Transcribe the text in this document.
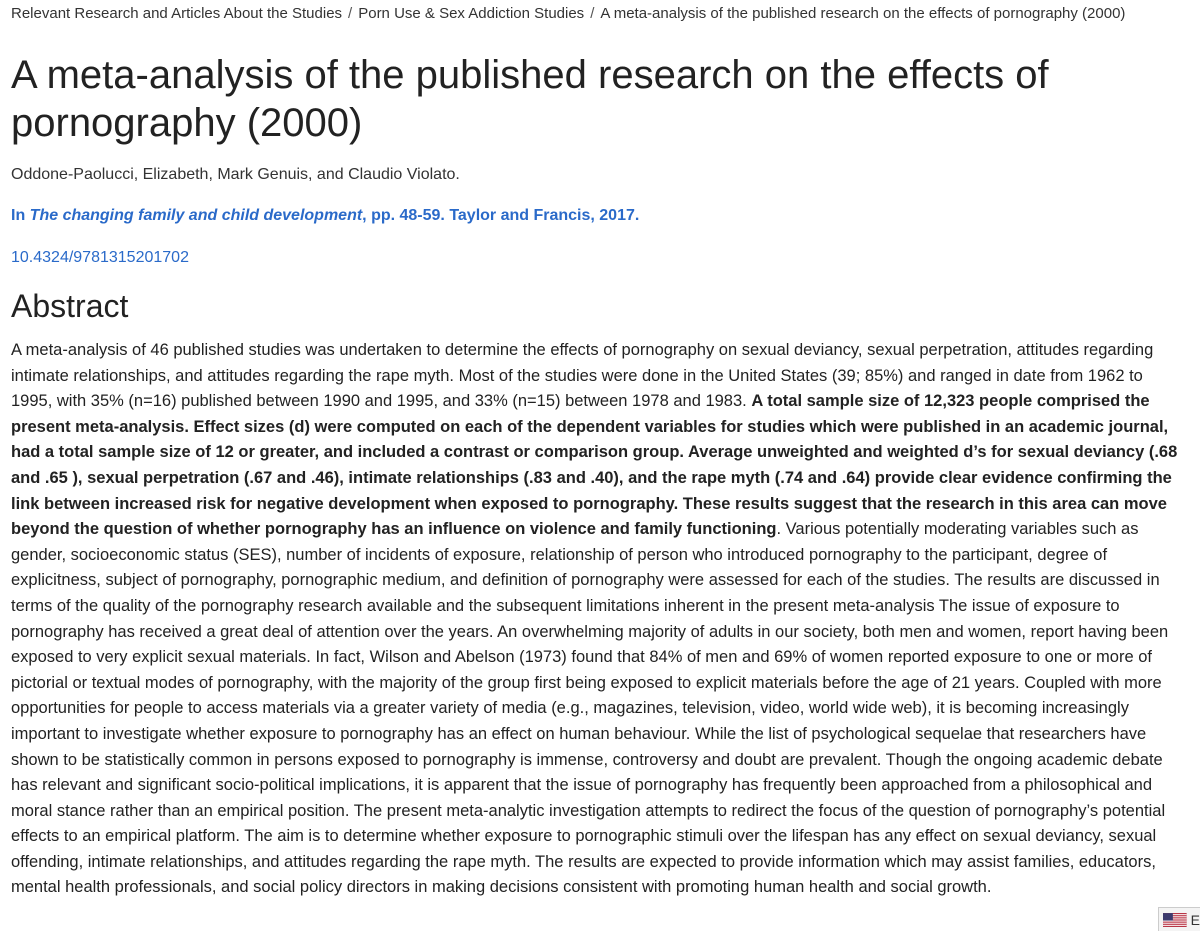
Relevant Research and Articles About the Studies / Porn Use & Sex Addiction Studies / A meta-analysis of the published research on the effects of pornography (2000)
A meta-analysis of the published research on the effects of pornography (2000)
Oddone-Paolucci, Elizabeth, Mark Genuis, and Claudio Violato.
In The changing family and child development, pp. 48-59. Taylor and Francis, 2017.
10.4324/9781315201702
Abstract

A meta-analysis of 46 published studies was undertaken to determine the effects of pornography on sexual deviancy, sexual perpetration, attitudes regarding intimate relationships, and attitudes regarding the rape myth. Most of the studies were done in the United States (39; 85%) and ranged in date from 1962 to 1995, with 35% (n=16) published between 1990 and 1995, and 33% (n=15) between 1978 and 1983. A total sample size of 12,323 people comprised the present meta-analysis. Effect sizes (d) were computed on each of the dependent variables for studies which were published in an academic journal, had a total sample size of 12 or greater, and included a contrast or comparison group. Average unweighted and weighted d’s for sexual deviancy (.68 and .65 ), sexual perpetration (.67 and .46), intimate relationships (.83 and .40), and the rape myth (.74 and .64) provide clear evidence confirming the link between increased risk for negative development when exposed to pornography. These results suggest that the research in this area can move beyond the question of whether pornography has an influence on violence and family functioning. Various potentially moderating variables such as gender, socioeconomic status (SES), number of incidents of exposure, relationship of person who introduced pornography to the participant, degree of explicitness, subject of pornography, pornographic medium, and definition of pornography were assessed for each of the studies. The results are discussed in terms of the quality of the pornography research available and the subsequent limitations inherent in the present meta-analysis The issue of exposure to pornography has received a great deal of attention over the years. An overwhelming majority of adults in our society, both men and women, report having been exposed to very explicit sexual materials. In fact, Wilson and Abelson (1973) found that 84% of men and 69% of women reported exposure to one or more of pictorial or textual modes of pornography, with the majority of the group first being exposed to explicit materials before the age of 21 years. Coupled with more opportunities for people to access materials via a greater variety of media (e.g., magazines, television, video, world wide web), it is becoming increasingly important to investigate whether exposure to pornography has an effect on human behaviour. While the list of psychological sequelae that researchers have shown to be statistically common in persons exposed to pornography is immense, controversy and doubt are prevalent. Though the ongoing academic debate has relevant and significant socio-political implications, it is apparent that the issue of pornography has frequently been approached from a philosophical and moral stance rather than an empirical position. The present meta-analytic investigation attempts to redirect the focus of the question of pornography’s potential effects to an empirical platform. The aim is to determine whether exposure to pornographic stimuli over the lifespan has any effect on sexual deviancy, sexual offending, intimate relationships, and attitudes regarding the rape myth. The results are expected to provide information which may assist families, educators, mental health professionals, and social policy directors in making decisions consistent with promoting human health and social growth.

E
